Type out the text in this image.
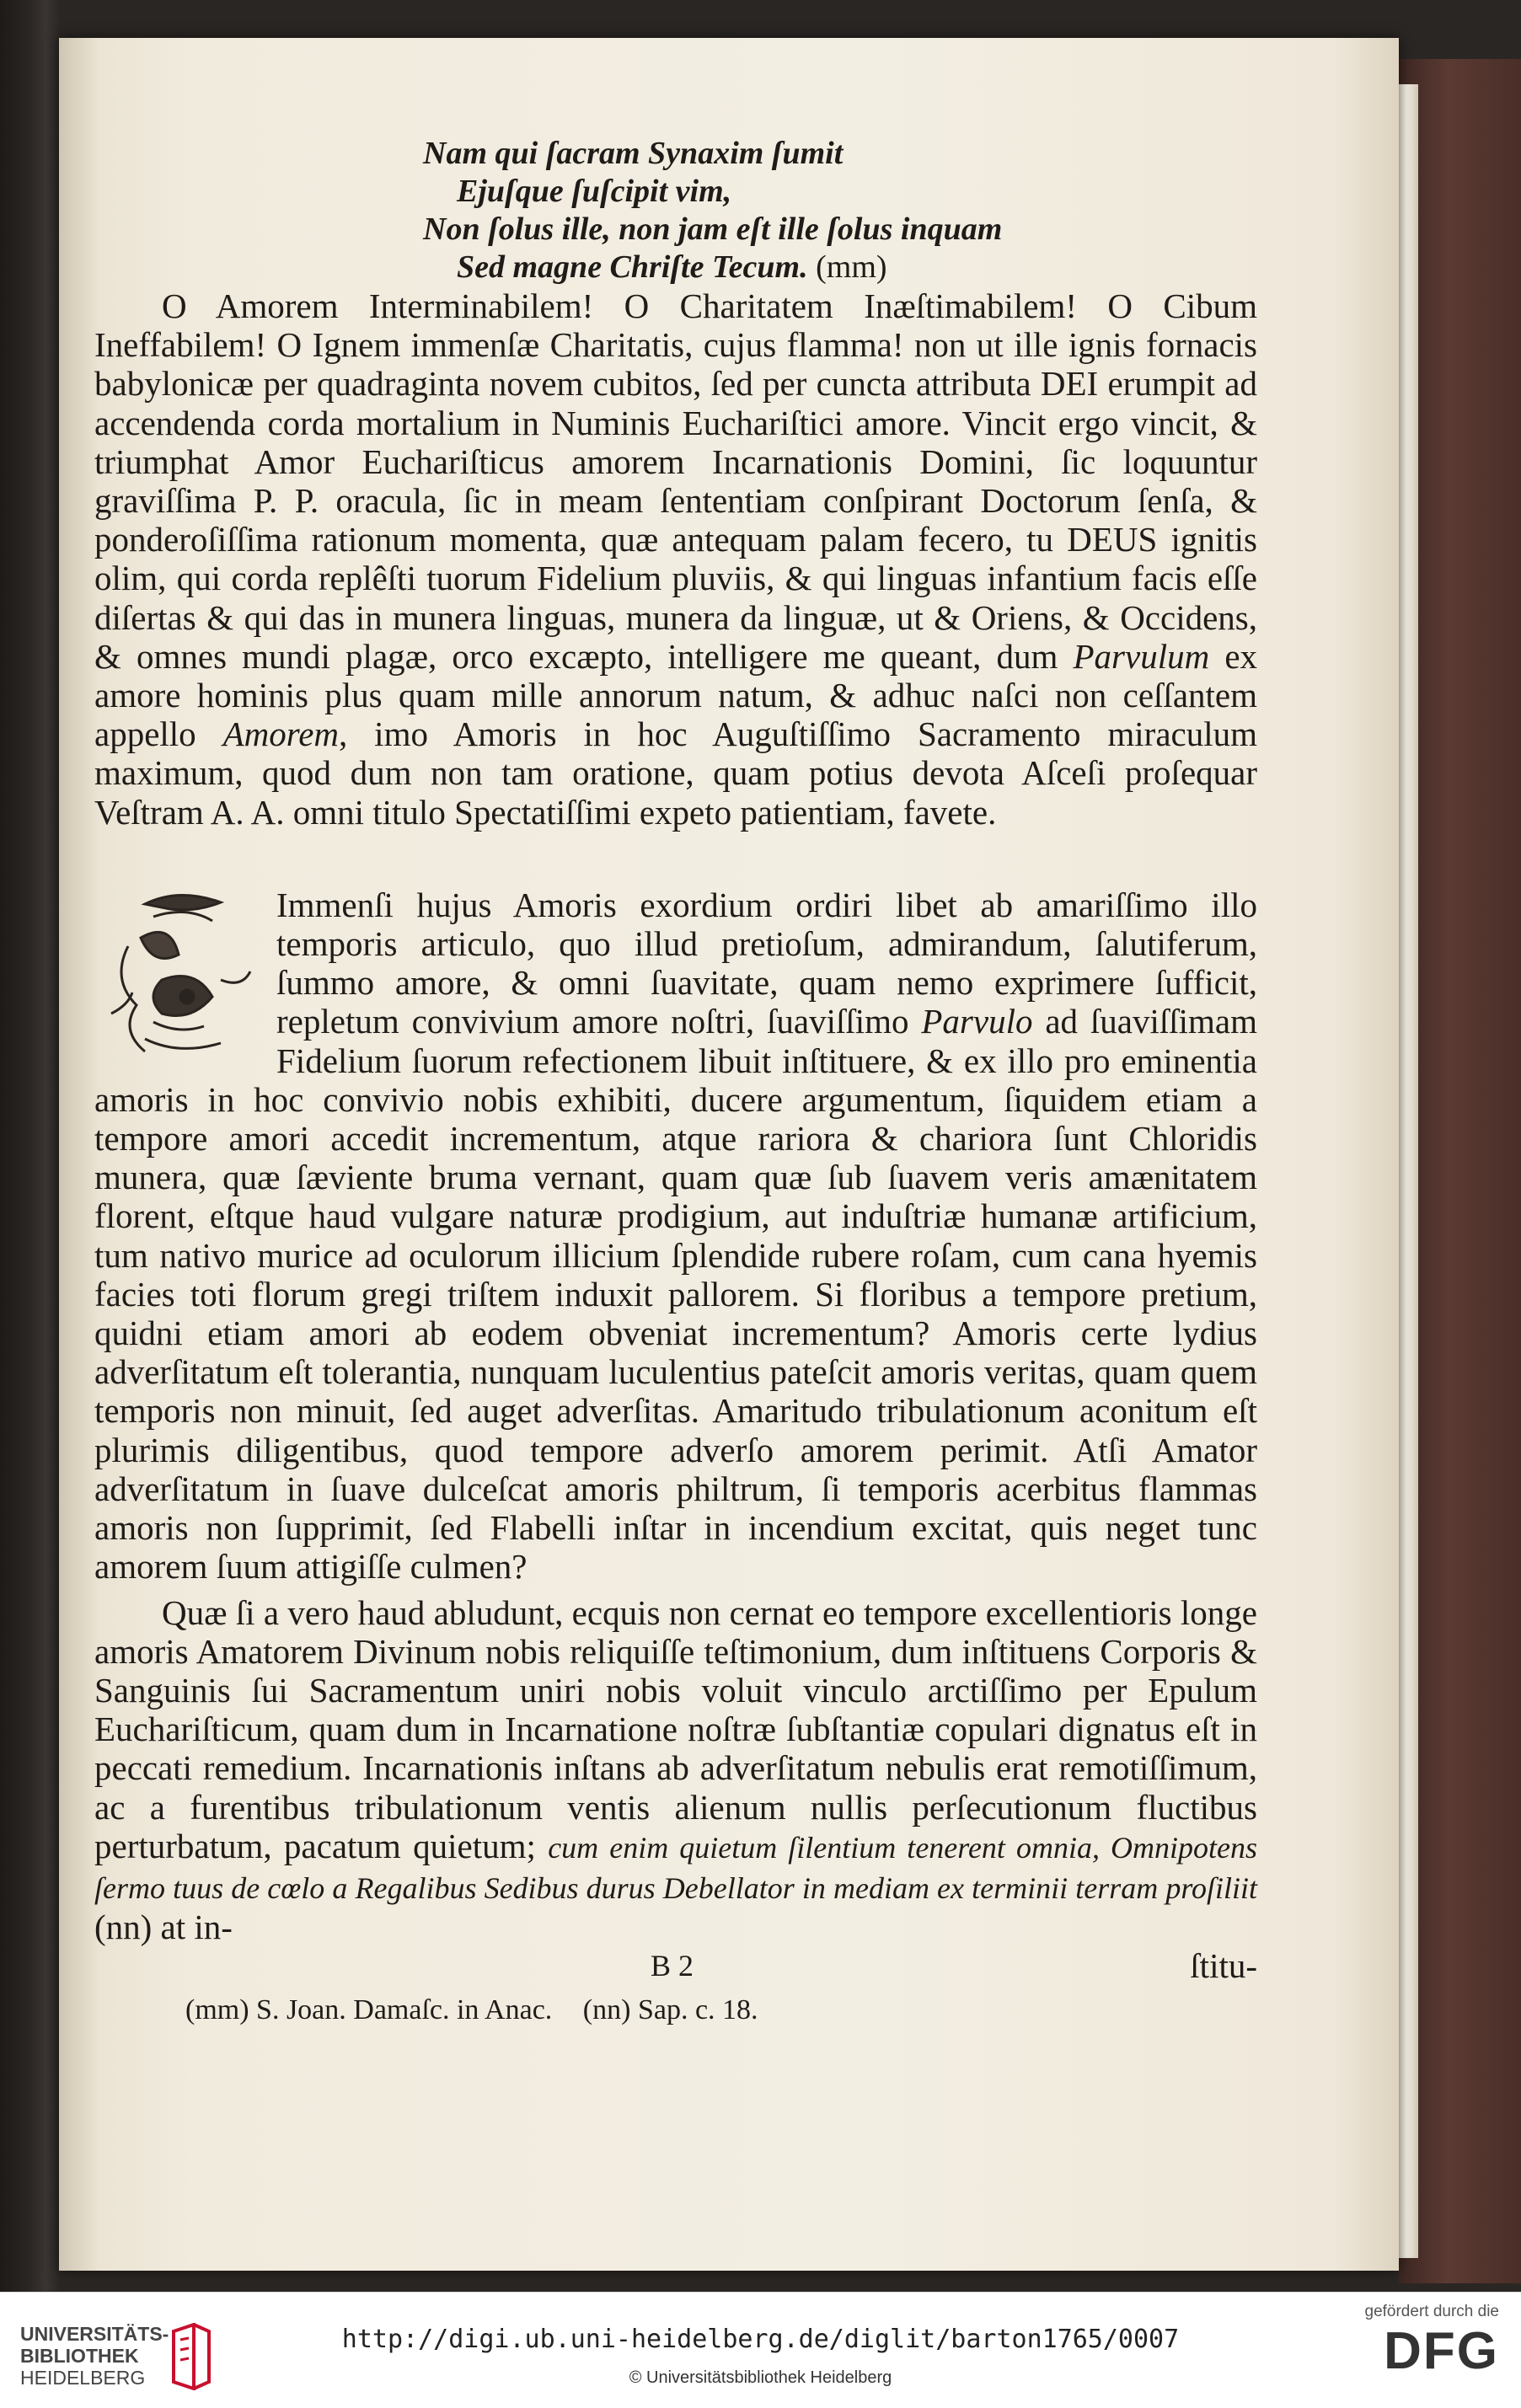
Nam qui ſacram Synaxim ſumit
Ejuſque ſuſcipit vim,
Non ſolus ille, non jam eſt ille ſolus inquam
Sed magne Chriſte Tecum. (mm)

O Amorem Interminabilem! O Charitatem Inæſtimabilem! O Cibum Ineffabilem! O Ignem immenſæ Charitatis, cujus flamma! non ut ille ignis fornacis babylonicæ per quadraginta novem cubitos, ſed per cuncta attributa DEI erumpit ad accendenda corda mortalium in Numinis Euchariſtici amore. Vincit ergo vincit, & triumphat Amor Euchariſticus amorem Incarnationis Domini, ſic loquuntur graviſſima P. P. oracula, ſic in meam ſententiam conſpirant Doctorum ſenſa, & ponderoſiſſima rationum momenta, quæ antequam palam fecero, tu DEUS ignitis olim, qui corda replêſti tuorum Fidelium pluviis, & qui linguas infantium facis eſſe diſertas & qui das in munera linguas, munera da linguæ, ut & Oriens, & Occidens, & omnes mundi plagæ, orco excæpto, intelligere me queant, dum Parvulum ex amore hominis plus quam mille annorum natum, & adhuc naſci non ceſſantem appello Amorem, imo Amoris in hoc Auguſtiſſimo Sacramento miraculum maximum, quod dum non tam oratione, quam potius devota Aſceſi proſequar Veſtram A. A. omni titulo Spectatiſſimi expeto patientiam, favete.

Immenſi hujus Amoris exordium ordiri libet ab amariſſimo illo temporis articulo, quo illud pretioſum, admirandum, ſalutiferum, ſummo amore, & omni ſuavitate, quam nemo exprimere ſufficit, repletum convivium amore noſtri, ſuaviſſimo Parvulo ad ſuaviſſimam Fidelium ſuorum refectionem libuit inſtituere, & ex illo pro eminentia amoris in hoc convivio nobis exhibiti, ducere argumentum, ſiquidem etiam a tempore amori accedit incrementum, atque rariora & chariora ſunt Chloridis munera, quæ ſæviente bruma vernant, quam quæ ſub ſuavem veris amænitatem florent, eſtque haud vulgare naturæ prodigium, aut induſtriæ humanæ artificium, tum nativo murice ad oculorum illicium ſplendide rubere roſam, cum cana hyemis facies toti florum gregi triſtem induxit pallorem. Si floribus a tempore pretium, quidni etiam amori ab eodem obveniat incrementum? Amoris certe lydius adverſitatum eſt tolerantia, nunquam luculentius pateſcit amoris veritas, quam quem temporis non minuit, ſed auget adverſitas. Amaritudo tribulationum aconitum eſt plurimis diligentibus, quod tempore adverſo amorem perimit. Atſi Amator adverſitatum in ſuave dulceſcat amoris philtrum, ſi temporis acerbitus flammas amoris non ſupprimit, ſed Flabelli inſtar in incendium excitat, quis neget tunc amorem ſuum attigiſſe culmen?

Quæ ſi a vero haud abludunt, ecquis non cernat eo tempore excellentioris longe amoris Amatorem Divinum nobis reliquiſſe teſtimonium, dum inſtituens Corporis & Sanguinis ſui Sacramentum uniri nobis voluit vinculo arctiſſimo per Epulum Euchariſticum, quam dum in Incarnatione noſtræ ſubſtantiæ copulari dignatus eſt in peccati remedium. Incarnationis inſtans ab adverſitatum nebulis erat remotiſſimum, ac a furentibus tribulationum ventis alienum nullis perſecutionum fluctibus perturbatum, pacatum quietum; cum enim quietum ſilentium tenerent omnia, Omnipotens ſermo tuus de cœlo a Regalibus Sedibus durus Debellator in mediam ex terminii terram proſiliit (nn) at in-

B 2	ſtitu-
(mm) S. Joan. Damaſc. in Anac. (nn) Sap. c. 18.
UNIVERSITÄTS-
BIBLIOTHEK
HEIDELBERG
http://digi.ub.uni-heidelberg.de/diglit/barton1765/0007
© Universitätsbibliothek Heidelberg
gefördert durch die
DFG
